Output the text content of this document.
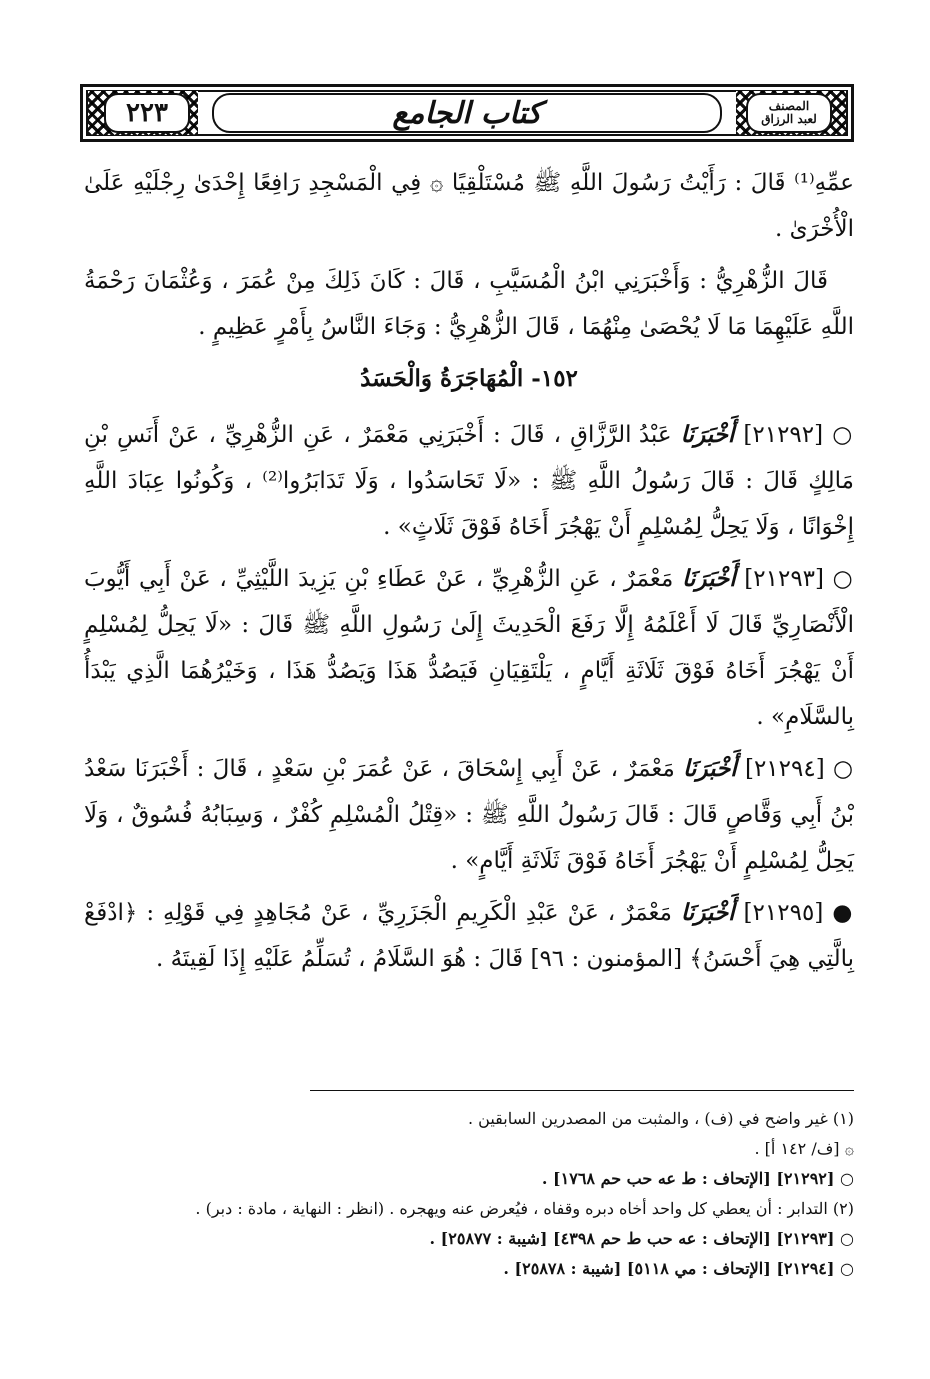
٢٢٣	كتاب الجامع	المصنف
لعبد الرزاق

عمِّهِ⁽¹⁾ قَالَ : رَأَيْتُ رَسُولَ اللَّهِ ﷺ مُسْتَلْقِيًا ۞ فِي الْمَسْجِدِ رَافِعًا إِحْدَىٰ رِجْلَيْهِ عَلَىٰ الْأُخْرَىٰ .

قَالَ الزُّهْرِيُّ : وَأَخْبَرَنِي ابْنُ الْمُسَيَّبِ ، قَالَ : كَانَ ذَلِكَ مِنْ عُمَرَ ، وَعُثْمَانَ رَحْمَةُ اللَّهِ عَلَيْهِمَا مَا لَا يُحْصَىٰ مِنْهُمَا ، قَالَ الزُّهْرِيُّ : وَجَاءَ النَّاسُ بِأَمْرٍ عَظِيمٍ .

١٥٢- الْمُهَاجَرَةُ وَالْحَسَدُ

○ [٢١٢٩٢] أَخْبَرَنَا عَبْدُ الرَّزَّاقِ ، قَالَ : أَخْبَرَنِي مَعْمَرٌ ، عَنِ الزُّهْرِيِّ ، عَنْ أَنَسِ بْنِ مَالِكٍ قَالَ : قَالَ رَسُولُ اللَّهِ ﷺ : «لَا تَحَاسَدُوا ، وَلَا تَدَابَرُوا⁽²⁾ ، وَكُونُوا عِبَادَ اللَّهِ إِخْوَانًا ، وَلَا يَحِلُّ لِمُسْلِمٍ أَنْ يَهْجُرَ أَخَاهُ فَوْقَ ثَلَاثٍ» .

○ [٢١٢٩٣] أَخْبَرَنَا مَعْمَرٌ ، عَنِ الزُّهْرِيِّ ، عَنْ عَطَاءِ بْنِ يَزِيدَ اللَّيْثِيِّ ، عَنْ أَبِي أَيُّوبَ الْأَنْصَارِيِّ قَالَ لَا أَعْلَمُهُ إِلَّا رَفَعَ الْحَدِيثَ إِلَىٰ رَسُولِ اللَّهِ ﷺ قَالَ : «لَا يَحِلُّ لِمُسْلِمٍ أَنْ يَهْجُرَ أَخَاهُ فَوْقَ ثَلَاثَةِ أَيَّامٍ ، يَلْتَقِيَانِ فَيَصُدُّ هَذَا وَيَصُدُّ هَذَا ، وَخَيْرُهُمَا الَّذِي يَبْدَأُ بِالسَّلَامِ» .

○ [٢١٢٩٤] أَخْبَرَنَا مَعْمَرٌ ، عَنْ أَبِي إِسْحَاقَ ، عَنْ عُمَرَ بْنِ سَعْدٍ ، قَالَ : أَخْبَرَنَا سَعْدُ بْنُ أَبِي وَقَّاصٍ قَالَ : قَالَ رَسُولُ اللَّهِ ﷺ : «قِتْلُ الْمُسْلِمِ كُفْرٌ ، وَسِبَابُهُ فُسُوقٌ ، وَلَا يَحِلُّ لِمُسْلِمٍ أَنْ يَهْجُرَ أَخَاهُ فَوْقَ ثَلَاثَةِ أَيَّامٍ» .

● [٢١٢٩٥] أَخْبَرَنَا مَعْمَرٌ ، عَنْ عَبْدِ الْكَرِيمِ الْجَزَرِيِّ ، عَنْ مُجَاهِدٍ فِي قَوْلِهِ : ﴿ادْفَعْ بِالَّتِي هِيَ أَحْسَنُ﴾ [المؤمنون : ٩٦] قَالَ : هُوَ السَّلَامُ ، تُسَلِّمُ عَلَيْهِ إِذَا لَقِيتَهُ .

(١) غير واضح في (ف) ، والمثبت من المصدرين السابقين .
۞ [ف/ ١٤٢ أ] .
○ [٢١٢٩٢] [الإتحاف : ط عه حب حم ١٧٦٨] .
(٢) التدابر : أن يعطي كل واحد أخاه دبره وقفاه ، فيُعرض عنه ويهجره . (انظر : النهاية ، مادة : دبر) .
○ [٢١٢٩٣] [الإتحاف : عه حب ط حم ٤٣٩٨] [شيبة : ٢٥٨٧٧] .
○ [٢١٢٩٤] [الإتحاف : مي ٥١١٨] [شيبة : ٢٥٨٧٨] .
